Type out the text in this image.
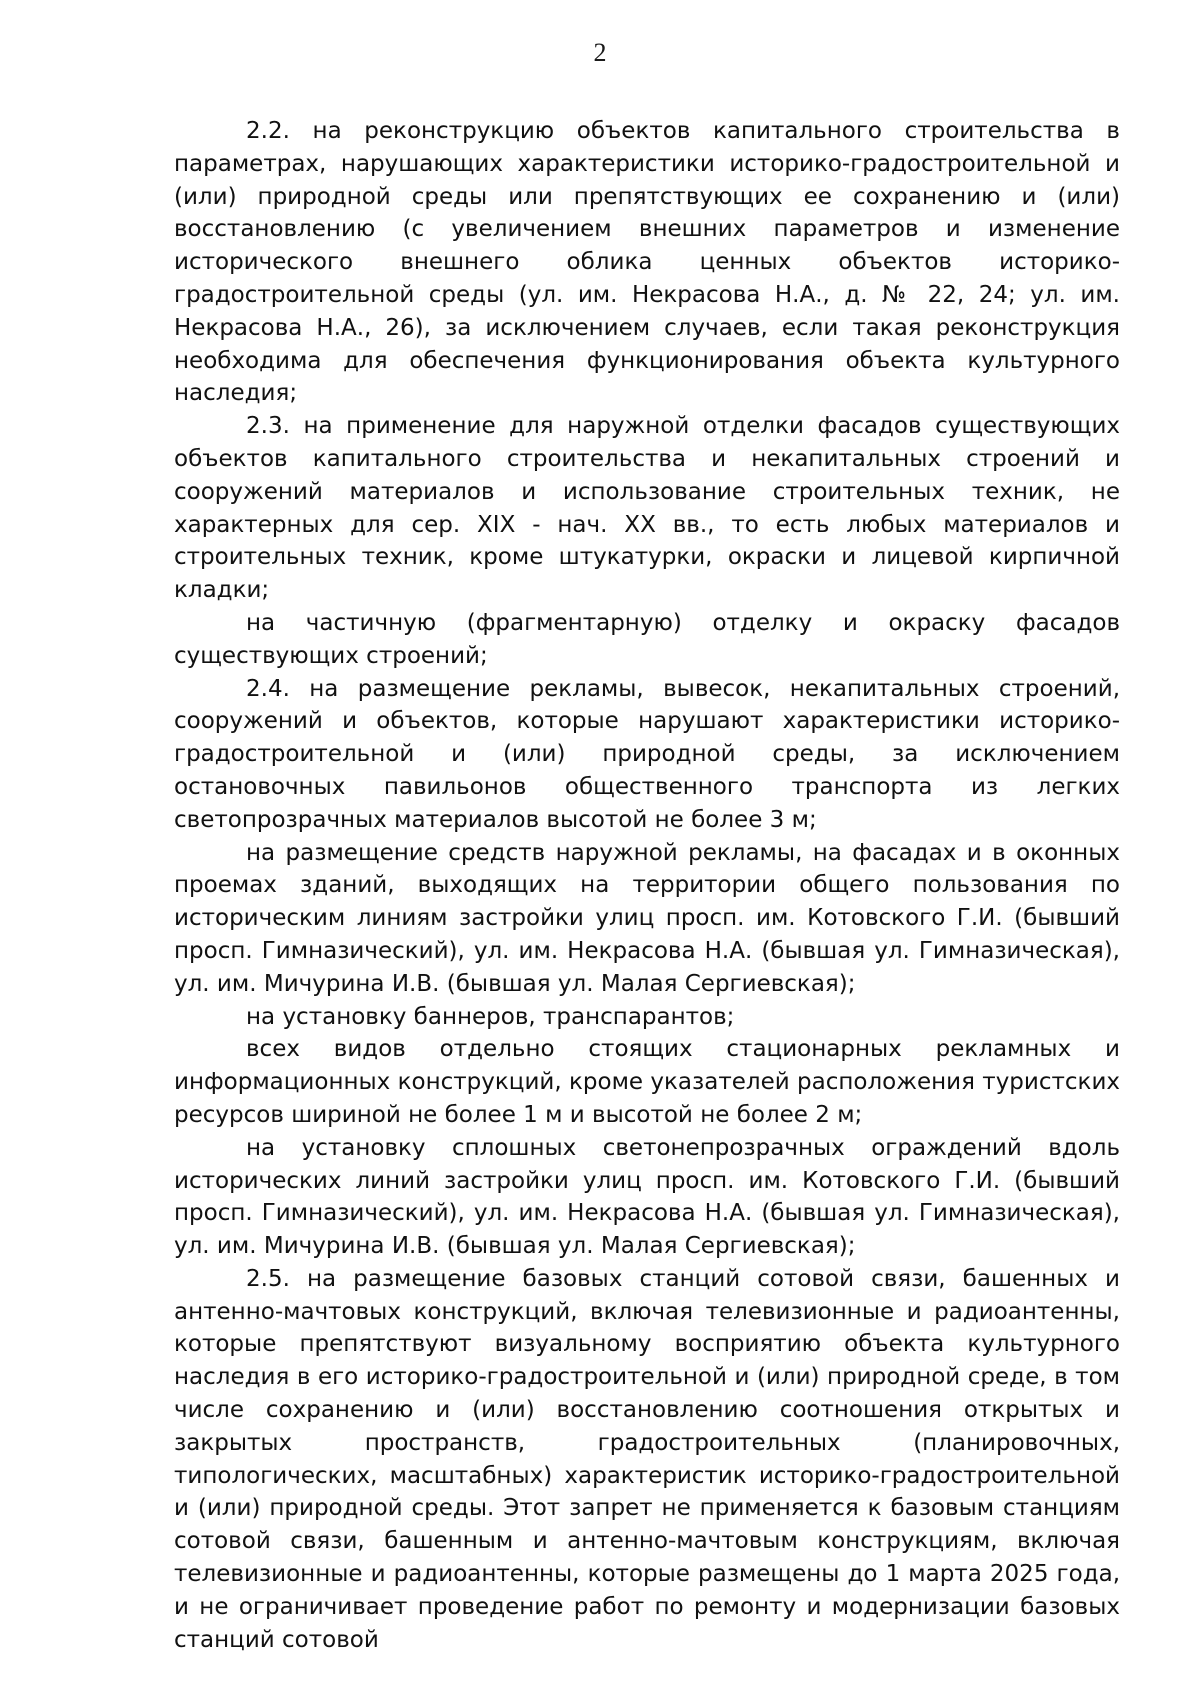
2

2.2. на реконструкцию объектов капитального строительства в параметрах, нарушающих характеристики историко-градостроительной и (или) природной среды или препятствующих ее сохранению и (или) восстановлению (с увеличением внешних параметров и изменение исторического внешнего облика ценных объектов историко-градостроительной среды (ул. им. Некрасова Н.А., д. № 22, 24; ул. им. Некрасова Н.А., 26), за исключением случаев, если такая реконструкция необходима для обеспечения функционирования объекта культурного наследия;

2.3. на применение для наружной отделки фасадов существующих объектов капитального строительства и некапитальных строений и сооружений материалов и использование строительных техник, не характерных для сер. XIX - нач. XX вв., то есть любых материалов и строительных техник, кроме штукатурки, окраски и лицевой кирпичной кладки;

на частичную (фрагментарную) отделку и окраску фасадов существующих строений;

2.4. на размещение рекламы, вывесок, некапитальных строений, сооружений и объектов, которые нарушают характеристики историко-градостроительной и (или) природной среды, за исключением остановочных павильонов общественного транспорта из легких светопрозрачных материалов высотой не более 3 м;

на размещение средств наружной рекламы, на фасадах и в оконных проемах зданий, выходящих на территории общего пользования по историческим линиям застройки улиц просп. им. Котовского Г.И. (бывший просп. Гимназический), ул. им. Некрасова Н.А. (бывшая ул. Гимназическая), ул. им. Мичурина И.В. (бывшая ул. Малая Сергиевская);

на установку баннеров, транспарантов;

всех видов отдельно стоящих стационарных рекламных и информационных конструкций, кроме указателей расположения туристских ресурсов шириной не более 1 м и высотой не более 2 м;

на установку сплошных светонепрозрачных ограждений вдоль исторических линий застройки улиц просп. им. Котовского Г.И. (бывший просп. Гимназический), ул. им. Некрасова Н.А. (бывшая ул. Гимназическая), ул. им. Мичурина И.В. (бывшая ул. Малая Сергиевская);

2.5. на размещение базовых станций сотовой связи, башенных и антенно-мачтовых конструкций, включая телевизионные и радиоантенны, которые препятствуют визуальному восприятию объекта культурного наследия в его историко-градостроительной и (или) природной среде, в том числе сохранению и (или) восстановлению соотношения открытых и закрытых пространств, градостроительных (планировочных, типологических, масштабных) характеристик историко-градостроительной и (или) природной среды. Этот запрет не применяется к базовым станциям сотовой связи, башенным и антенно-мачтовым конструкциям, включая телевизионные и радиоантенны, которые размещены до 1 марта 2025 года, и не ограничивает проведение работ по ремонту и модернизации базовых станций сотовой
